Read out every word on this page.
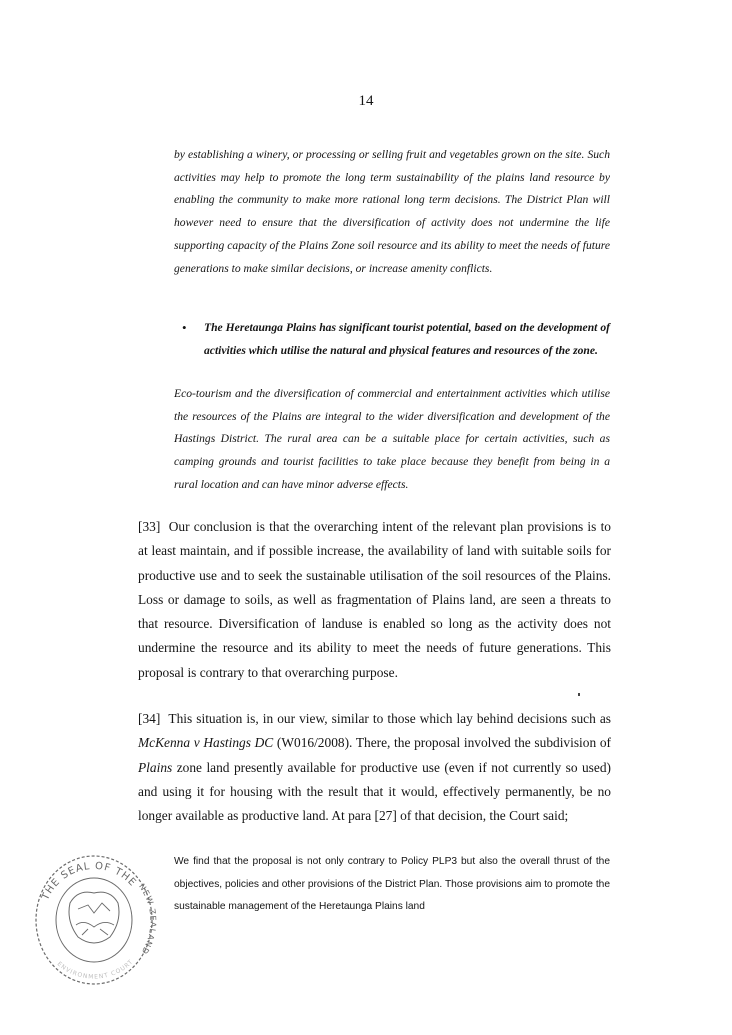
14

by establishing a winery, or processing or selling fruit and vegetables grown on the site. Such activities may help to promote the long term sustainability of the plains land resource by enabling the community to make more rational long term decisions. The District Plan will however need to ensure that the diversification of activity does not undermine the life supporting capacity of the Plains Zone soil resource and its ability to meet the needs of future generations to make similar decisions, or increase amenity conflicts.

• The Heretaunga Plains has significant tourist potential, based on the development of activities which utilise the natural and physical features and resources of the zone.

Eco-tourism and the diversification of commercial and entertainment activities which utilise the resources of the Plains are integral to the wider diversification and development of the Hastings District. The rural area can be a suitable place for certain activities, such as camping grounds and tourist facilities to take place because they benefit from being in a rural location and can have minor adverse effects.

[33] Our conclusion is that the overarching intent of the relevant plan provisions is to at least maintain, and if possible increase, the availability of land with suitable soils for productive use and to seek the sustainable utilisation of the soil resources of the Plains. Loss or damage to soils, as well as fragmentation of Plains land, are seen a threats to that resource. Diversification of landuse is enabled so long as the activity does not undermine the resource and its ability to meet the needs of future generations. This proposal is contrary to that overarching purpose.

[34] This situation is, in our view, similar to those which lay behind decisions such as McKenna v Hastings DC (W016/2008). There, the proposal involved the subdivision of Plains zone land presently available for productive use (even if not currently so used) and using it for housing with the result that it would, effectively permanently, be no longer available as productive land. At para [27] of that decision, the Court said;

We find that the proposal is not only contrary to Policy PLP3 but also the overall thrust of the objectives, policies and other provisions of the District Plan. Those provisions aim to promote the sustainable management of the Heretaunga Plains land

THE SEAL OF THE
NEW ZEALAND
ENVIRONMENT COURT
